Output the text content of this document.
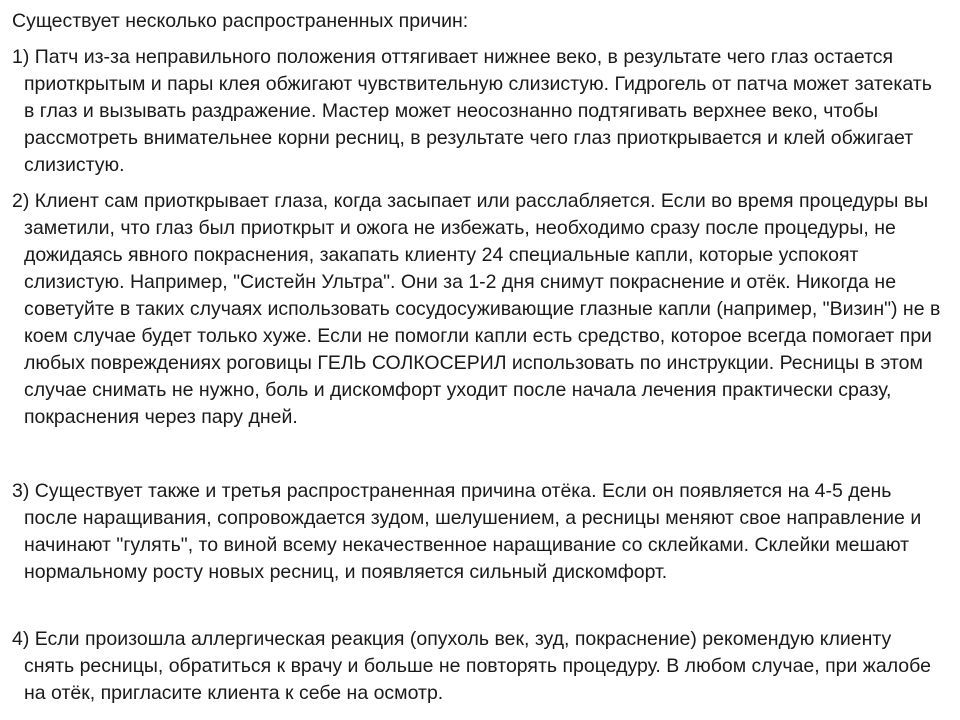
Существует несколько распространенных причин:

1) Патч из-за неправильного положения оттягивает нижнее веко, в результате чего глаз остается приоткрытым и пары клея обжигают чувствительную слизистую. Гидрогель от патча может затекать в глаз и вызывать раздражение. Мастер может неосознанно подтягивать верхнее веко, чтобы рассмотреть внимательнее корни ресниц, в результате чего глаз приоткрывается и клей обжигает слизистую.

2) Клиент сам приоткрывает глаза, когда засыпает или расслабляется. Если во время процедуры вы заметили, что глаз был приоткрыт и ожога не избежать, необходимо сразу после процедуры, не дожидаясь явного покраснения, закапать клиенту 24 специальные капли, которые успокоят слизистую. Например, "Систейн Ультра". Они за 1-2 дня снимут покраснение и отёк. Никогда не советуйте в таких случаях использовать сосудосуживающие глазные капли (например, "Визин") не в коем случае будет только хуже. Если не помогли капли есть средство, которое всегда помогает при любых повреждениях роговицы ГЕЛЬ СОЛКОСЕРИЛ использовать по инструкции. Ресницы в этом случае снимать не нужно, боль и дискомфорт уходит после начала лечения практически сразу, покраснения через пару дней.

3) Существует также и третья распространенная причина отёка. Если он появляется на 4-5 день после наращивания, сопровождается зудом, шелушением, а ресницы меняют свое направление и начинают "гулять", то виной всему некачественное наращивание со склейками. Склейки мешают нормальному росту новых ресниц, и появляется сильный дискомфорт.

4) Если произошла аллергическая реакция (опухоль век, зуд, покраснение) рекомендую клиенту снять ресницы, обратиться к врачу и больше не повторять процедуру. В любом случае, при жалобе на отёк, пригласите клиента к себе на осмотр.
